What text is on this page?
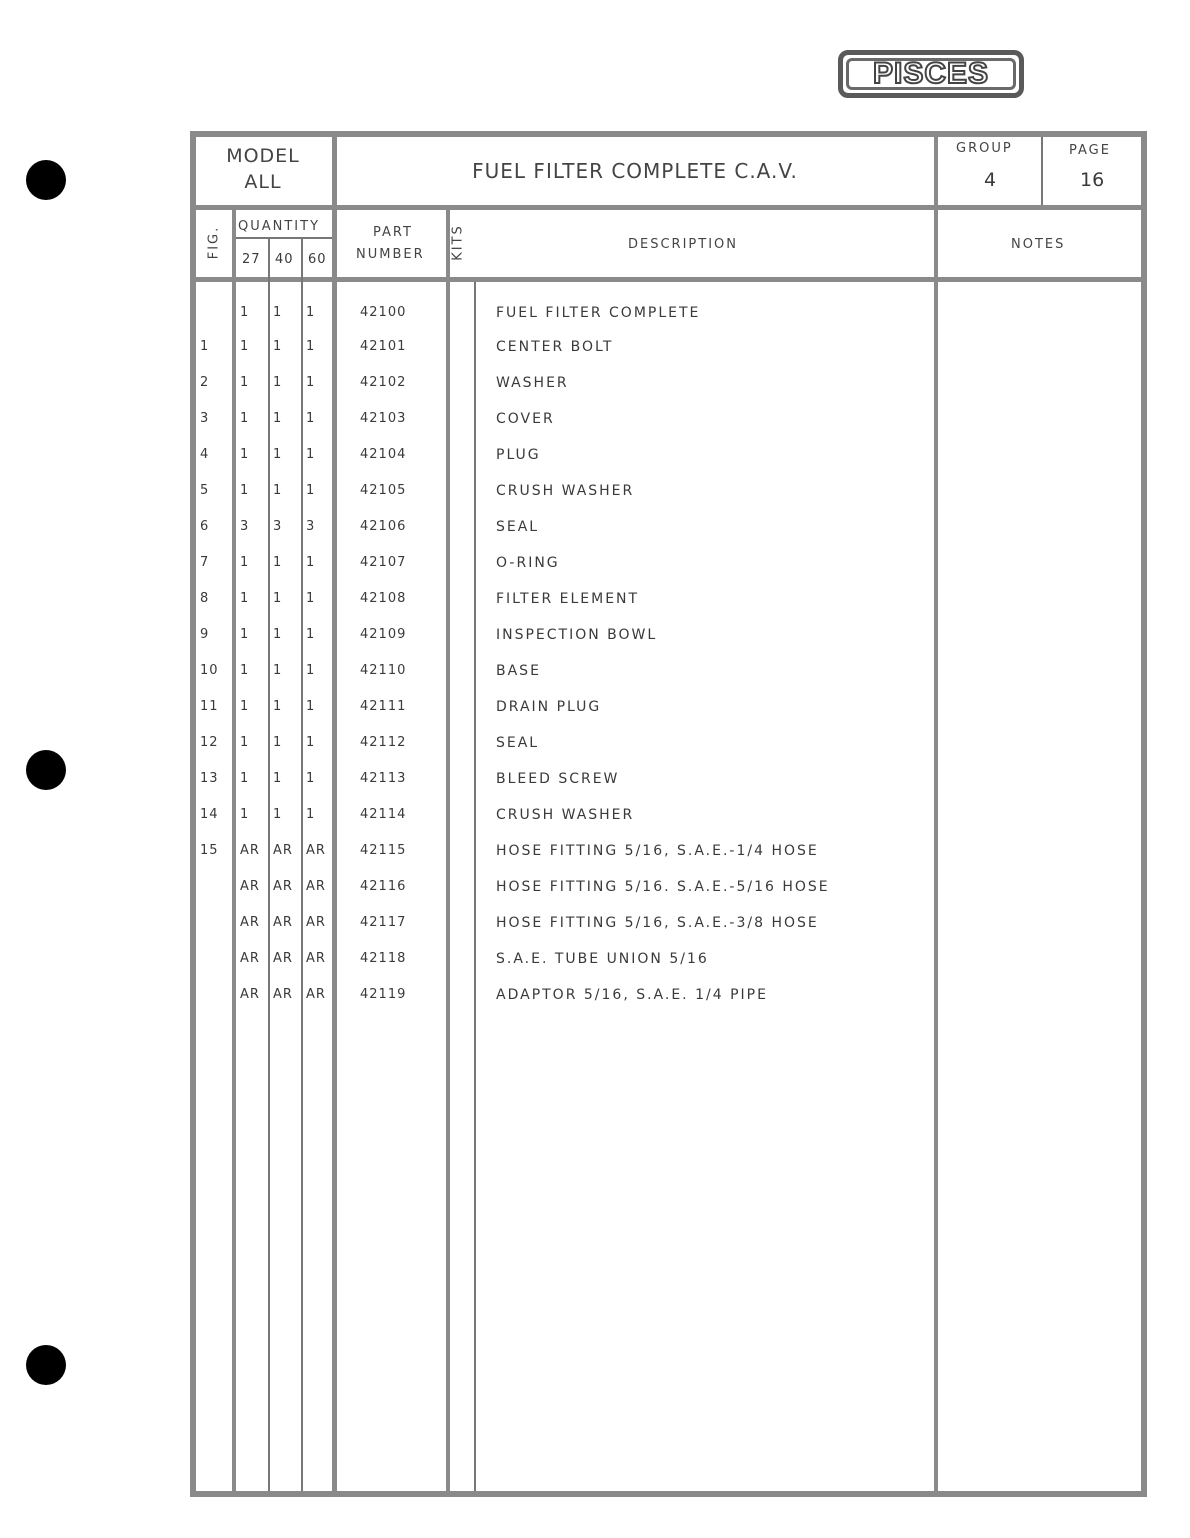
PISCES
MODEL
ALL	FUEL FILTER COMPLETE C.A.V.
GROUP
4
PAGE
16
FIG. QUANTITY
27 40 60
PART
NUMBER KITS	DESCRIPTION	NOTES
1 1 1	42100	FUEL FILTER COMPLETE
1 1 1 1	42101	CENTER BOLT
2 1 1 1	42102	WASHER
3 1 1 1	42103	COVER
4 1 1 1	42104	PLUG
5 1 1 1	42105	CRUSH WASHER
6 3 3 3	42106	SEAL
7 1 1 1	42107	O-RING
8 1 1 1	42108	FILTER ELEMENT
9 1 1 1	42109	INSPECTION BOWL
10 1 1 1	42110	BASE
11 1 1 1	42111	DRAIN PLUG
12 1 1 1	42112	SEAL
13 1 1 1	42113	BLEED SCREW
14 1 1 1	42114	CRUSH WASHER
15 AR AR AR	42115	HOSE FITTING 5/16, S.A.E.-1/4 HOSE
AR AR AR	42116	HOSE FITTING 5/16. S.A.E.-5/16 HOSE
AR AR AR	42117	HOSE FITTING 5/16, S.A.E.-3/8 HOSE
AR AR AR	42118	S.A.E. TUBE UNION 5/16
AR AR AR	42119	ADAPTOR 5/16, S.A.E. 1/4 PIPE
